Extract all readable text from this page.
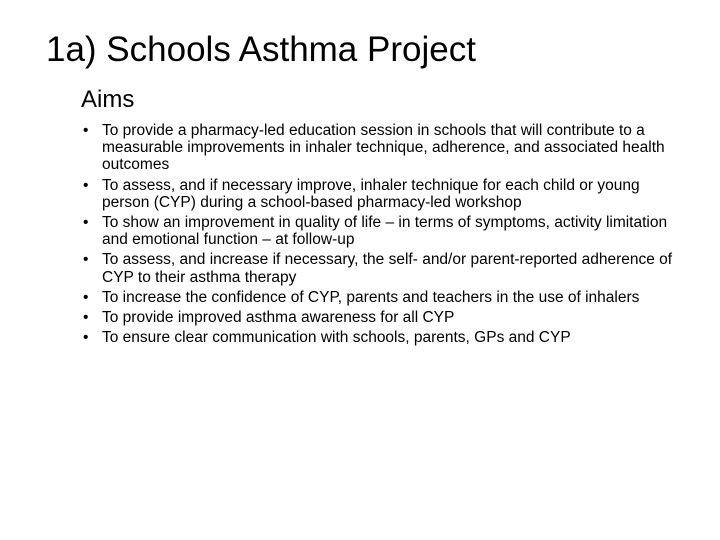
1a) Schools Asthma Project
Aims
• To provide a pharmacy-led education session in schools that will contribute to a measurable improvements in inhaler technique, adherence, and associated health outcomes
• To assess, and if necessary improve, inhaler technique for each child or young person (CYP) during a school-based pharmacy-led workshop
• To show an improvement in quality of life – in terms of symptoms, activity limitation and emotional function – at follow-up
• To assess, and increase if necessary, the self- and/or parent-reported adherence of CYP to their asthma therapy
• To increase the confidence of CYP, parents and teachers in the use of inhalers
• To provide improved asthma awareness for all CYP
• To ensure clear communication with schools, parents, GPs and CYP
